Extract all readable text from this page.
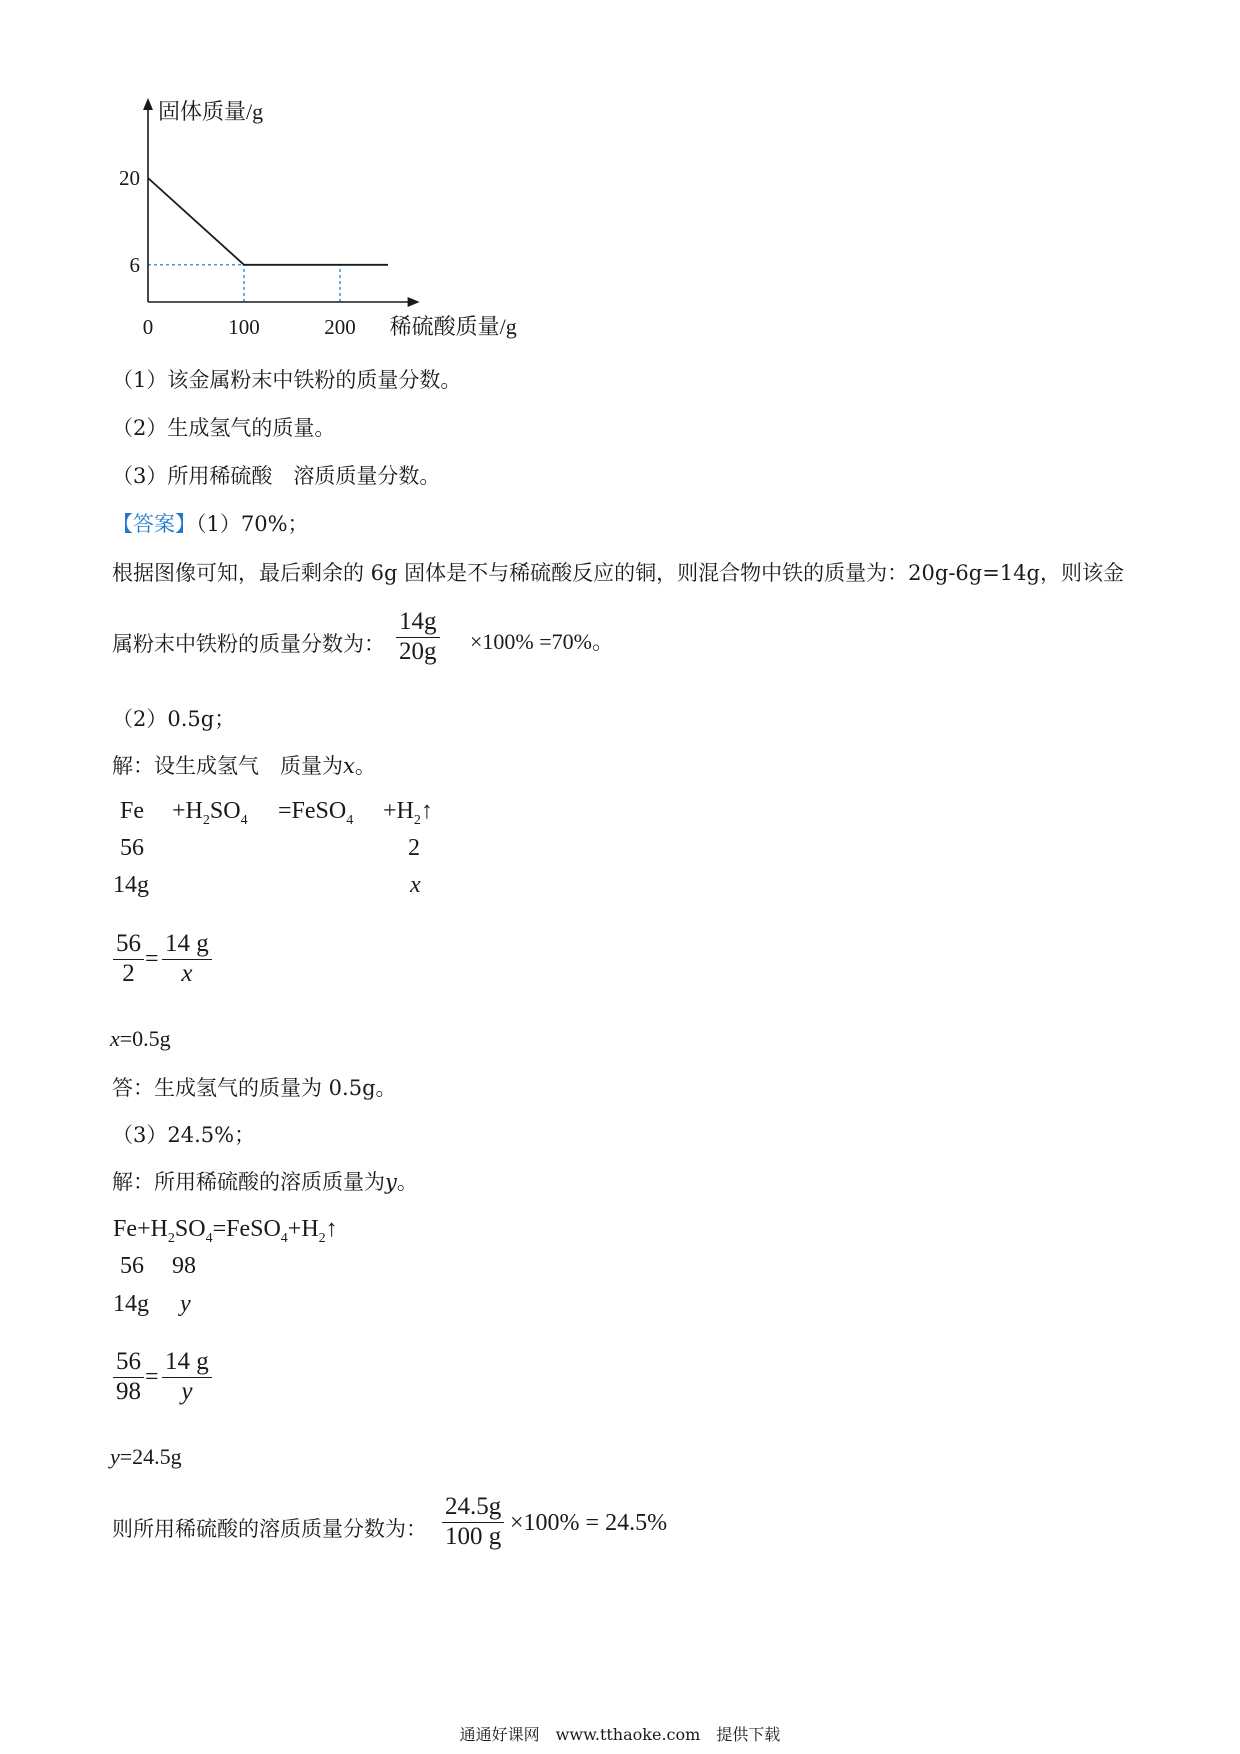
0	100	200
20
6
固体质量/g
稀硫酸质量/g
（1）该金属粉末中铁粉的质量分数。
（2）生成氢气的质量。
（3）所用稀硫酸　溶质质量分数。
【答案】（1）70%；
根据图像可知，最后剩余的 6g 固体是不与稀硫酸反应的铜，则混合物中铁的质量为：20g-6g=14g，则该金
属粉末中铁粉的质量分数为：
14g
20g ×100% =70%。
（2）0.5g；
解：设生成氢气　质量为x。
$Fe +H_2SO_4$ =FeSO$_4$ $+H_2↑$
56	2
14g	x
56
2
=
14 g
x
x=0.5g
答：生成氢气的质量为 0.5g。
（3）24.5%；
解：所用稀硫酸的溶质质量为y。
$Fe+H_2SO_4=FeSO_4+H_2↑$
56 98
14g y
56
98
=
14 g
y
y=24.5g
则所用稀硫酸的溶质质量分数为：
24.5g
100 g ×100% = 24.5%
通通好课网　www.tthaoke.com　提供下载
